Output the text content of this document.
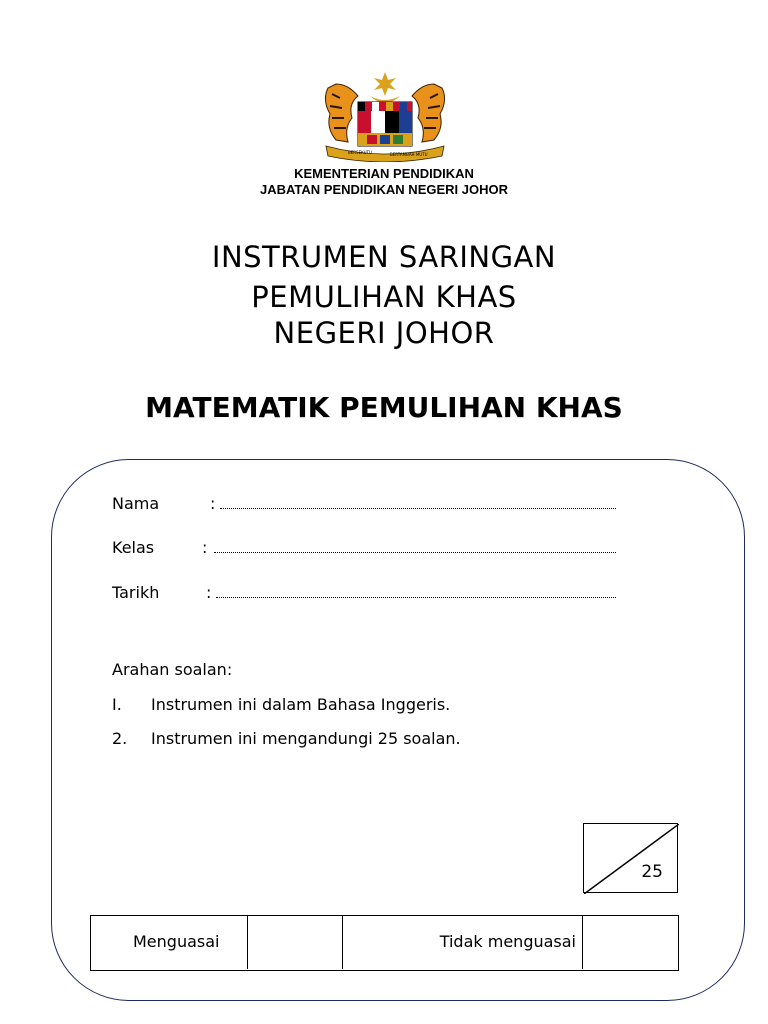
BERSEKUTU	BERTAMBAH MUTU
KEMENTERIAN PENDIDIKAN
JABATAN PENDIDIKAN NEGERI JOHOR
INSTRUMEN SARINGAN
PEMULIHAN KHAS
NEGERI JOHOR
MATEMATIK PEMULIHAN KHAS
Nama	:
Kelas	:
Tarikh	:
Arahan soalan:
I. Instrumen ini dalam Bahasa Inggeris.
2. Instrumen ini mengandungi 25 soalan.
25
Menguasai	Tidak menguasai
